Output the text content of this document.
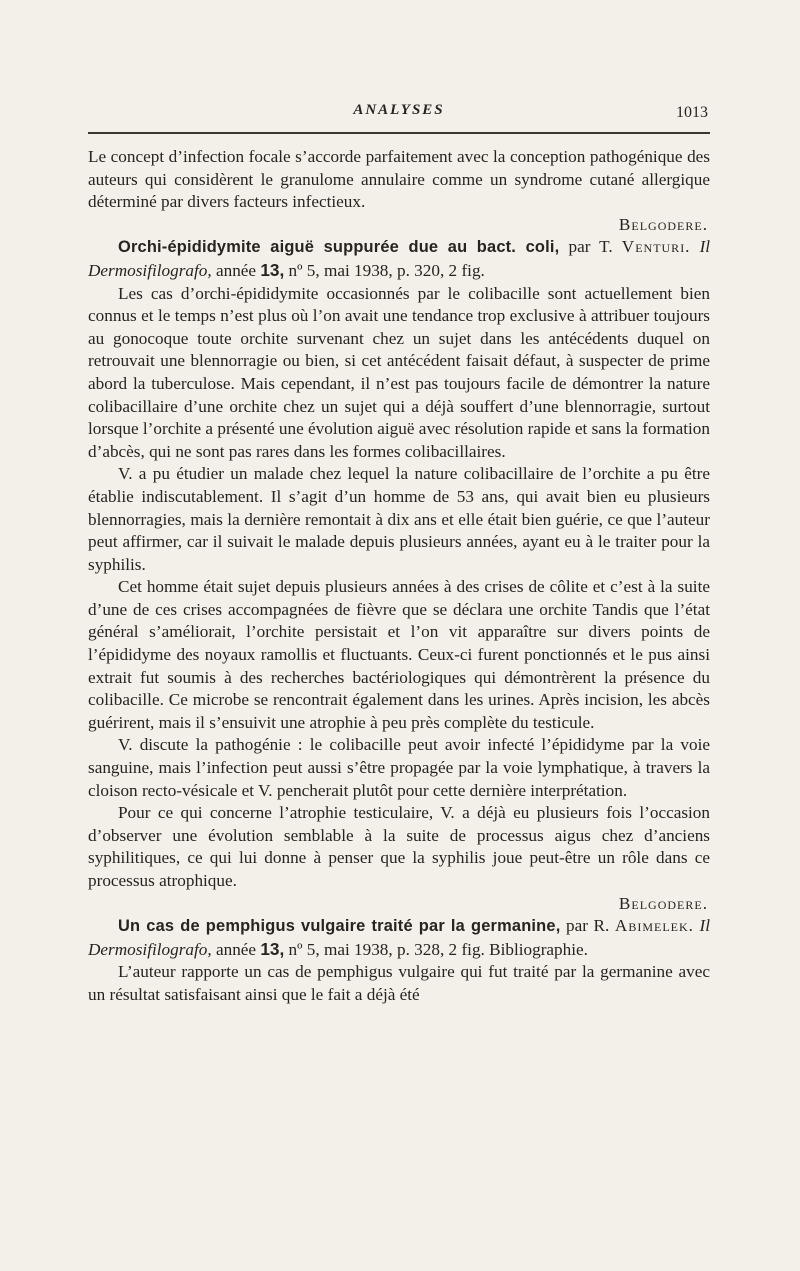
ANALYSES	1013

Le concept d’infection focale s’accorde parfaitement avec la conception pathogénique des auteurs qui considèrent le granulome annulaire comme un syndrome cutané allergique déterminé par divers facteurs infectieux.

Belgodere.

Orchi-épididymite aiguë suppurée due au bact. coli, par T. Venturi. Il Dermosifilografo, année 13, nº 5, mai 1938, p. 320, 2 fig.

Les cas d’orchi-épididymite occasionnés par le colibacille sont actuellement bien connus et le temps n’est plus où l’on avait une tendance trop exclusive à attribuer toujours au gonocoque toute orchite survenant chez un sujet dans les antécédents duquel on retrouvait une blennorragie ou bien, si cet antécédent faisait défaut, à suspecter de prime abord la tuberculose. Mais cependant, il n’est pas toujours facile de démontrer la nature colibacillaire d’une orchite chez un sujet qui a déjà souffert d’une blennorragie, surtout lorsque l’orchite a présenté une évolution aiguë avec résolution rapide et sans la formation d’abcès, qui ne sont pas rares dans les formes colibacillaires.

V. a pu étudier un malade chez lequel la nature colibacillaire de l’orchite a pu être établie indiscutablement. Il s’agit d’un homme de 53 ans, qui avait bien eu plusieurs blennorragies, mais la dernière remontait à dix ans et elle était bien guérie, ce que l’auteur peut affirmer, car il suivait le malade depuis plusieurs années, ayant eu à le traiter pour la syphilis.

Cet homme était sujet depuis plusieurs années à des crises de côlite et c’est à la suite d’une de ces crises accompagnées de fièvre que se déclara une orchite Tandis que l’état général s’améliorait, l’orchite persistait et l’on vit apparaître sur divers points de l’épididyme des noyaux ramollis et fluctuants. Ceux-ci furent ponctionnés et le pus ainsi extrait fut soumis à des recherches bactériologiques qui démontrèrent la présence du colibacille. Ce microbe se rencontrait également dans les urines. Après incision, les abcès guérirent, mais il s’ensuivit une atrophie à peu près complète du testicule.

V. discute la pathogénie : le colibacille peut avoir infecté l’épididyme par la voie sanguine, mais l’infection peut aussi s’être propagée par la voie lymphatique, à travers la cloison recto-vésicale et V. pencherait plutôt pour cette dernière interprétation.

Pour ce qui concerne l’atrophie testiculaire, V. a déjà eu plusieurs fois l’occasion d’observer une évolution semblable à la suite de processus aigus chez d’anciens syphilitiques, ce qui lui donne à penser que la syphilis joue peut-être un rôle dans ce processus atrophique.

Belgodere.

Un cas de pemphigus vulgaire traité par la germanine, par R. Abimelek. Il Dermosifilografo, année 13, nº 5, mai 1938, p. 328, 2 fig. Bibliographie.

L’auteur rapporte un cas de pemphigus vulgaire qui fut traité par la germanine avec un résultat satisfaisant ainsi que le fait a déjà été
